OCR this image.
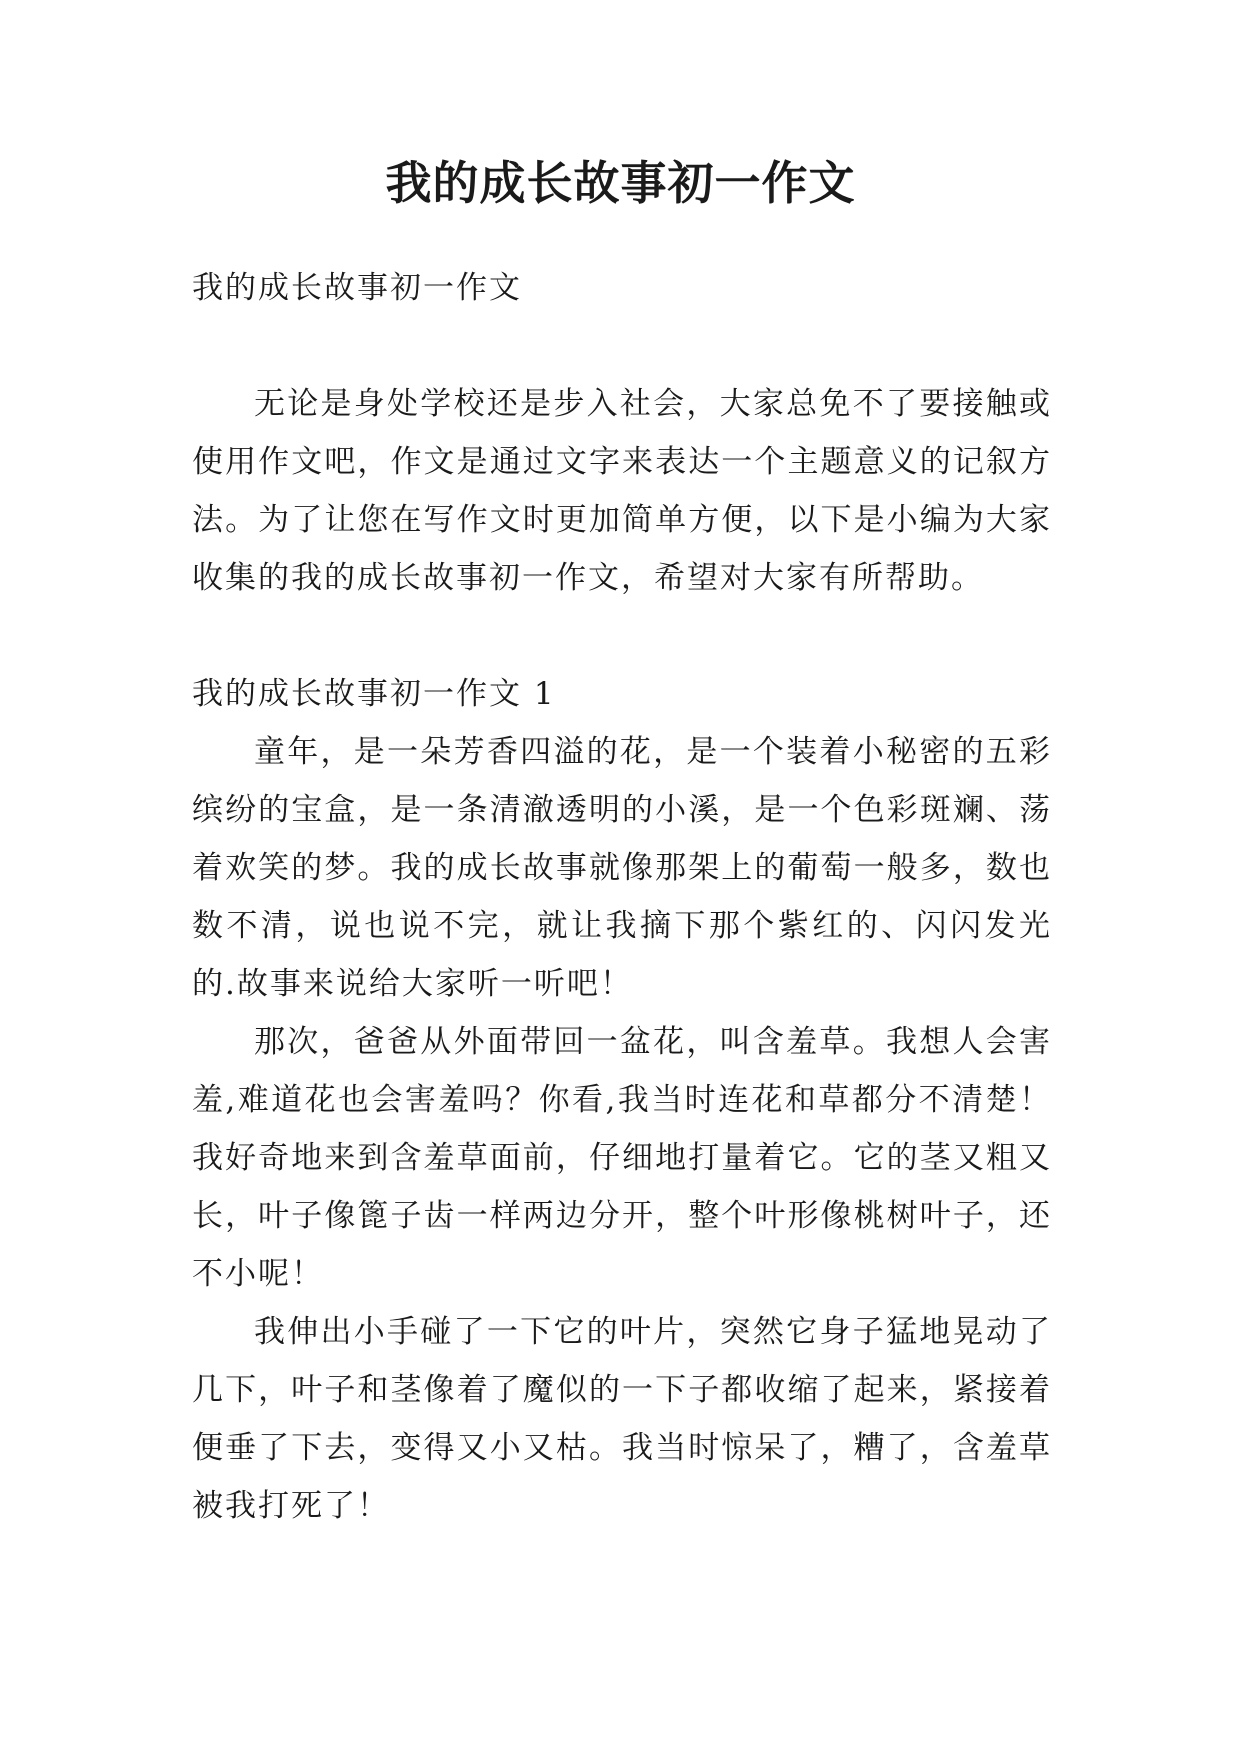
我的成长故事初一作文

我的成长故事初一作文

无论是身处学校还是步入社会，大家总免不了要接触或使用作文吧，作文是通过文字来表达一个主题意义的记叙方法。为了让您在写作文时更加简单方便，以下是小编为大家收集的我的成长故事初一作文，希望对大家有所帮助。

我的成长故事初一作文 1

童年，是一朵芳香四溢的花，是一个装着小秘密的五彩缤纷的宝盒，是一条清澈透明的小溪，是一个色彩斑斓、荡着欢笑的梦。我的成长故事就像那架上的葡萄一般多，数也数不清，说也说不完，就让我摘下那个紫红的、闪闪发光的.故事来说给大家听一听吧！

那次，爸爸从外面带回一盆花，叫含羞草。我想人会害羞,难道花也会害羞吗？你看,我当时连花和草都分不清楚！我好奇地来到含羞草面前，仔细地打量着它。它的茎又粗又长，叶子像篦子齿一样两边分开，整个叶形像桃树叶子，还不小呢！

我伸出小手碰了一下它的叶片，突然它身子猛地晃动了几下，叶子和茎像着了魔似的一下子都收缩了起来，紧接着便垂了下去，变得又小又枯。我当时惊呆了，糟了，含羞草被我打死了！
